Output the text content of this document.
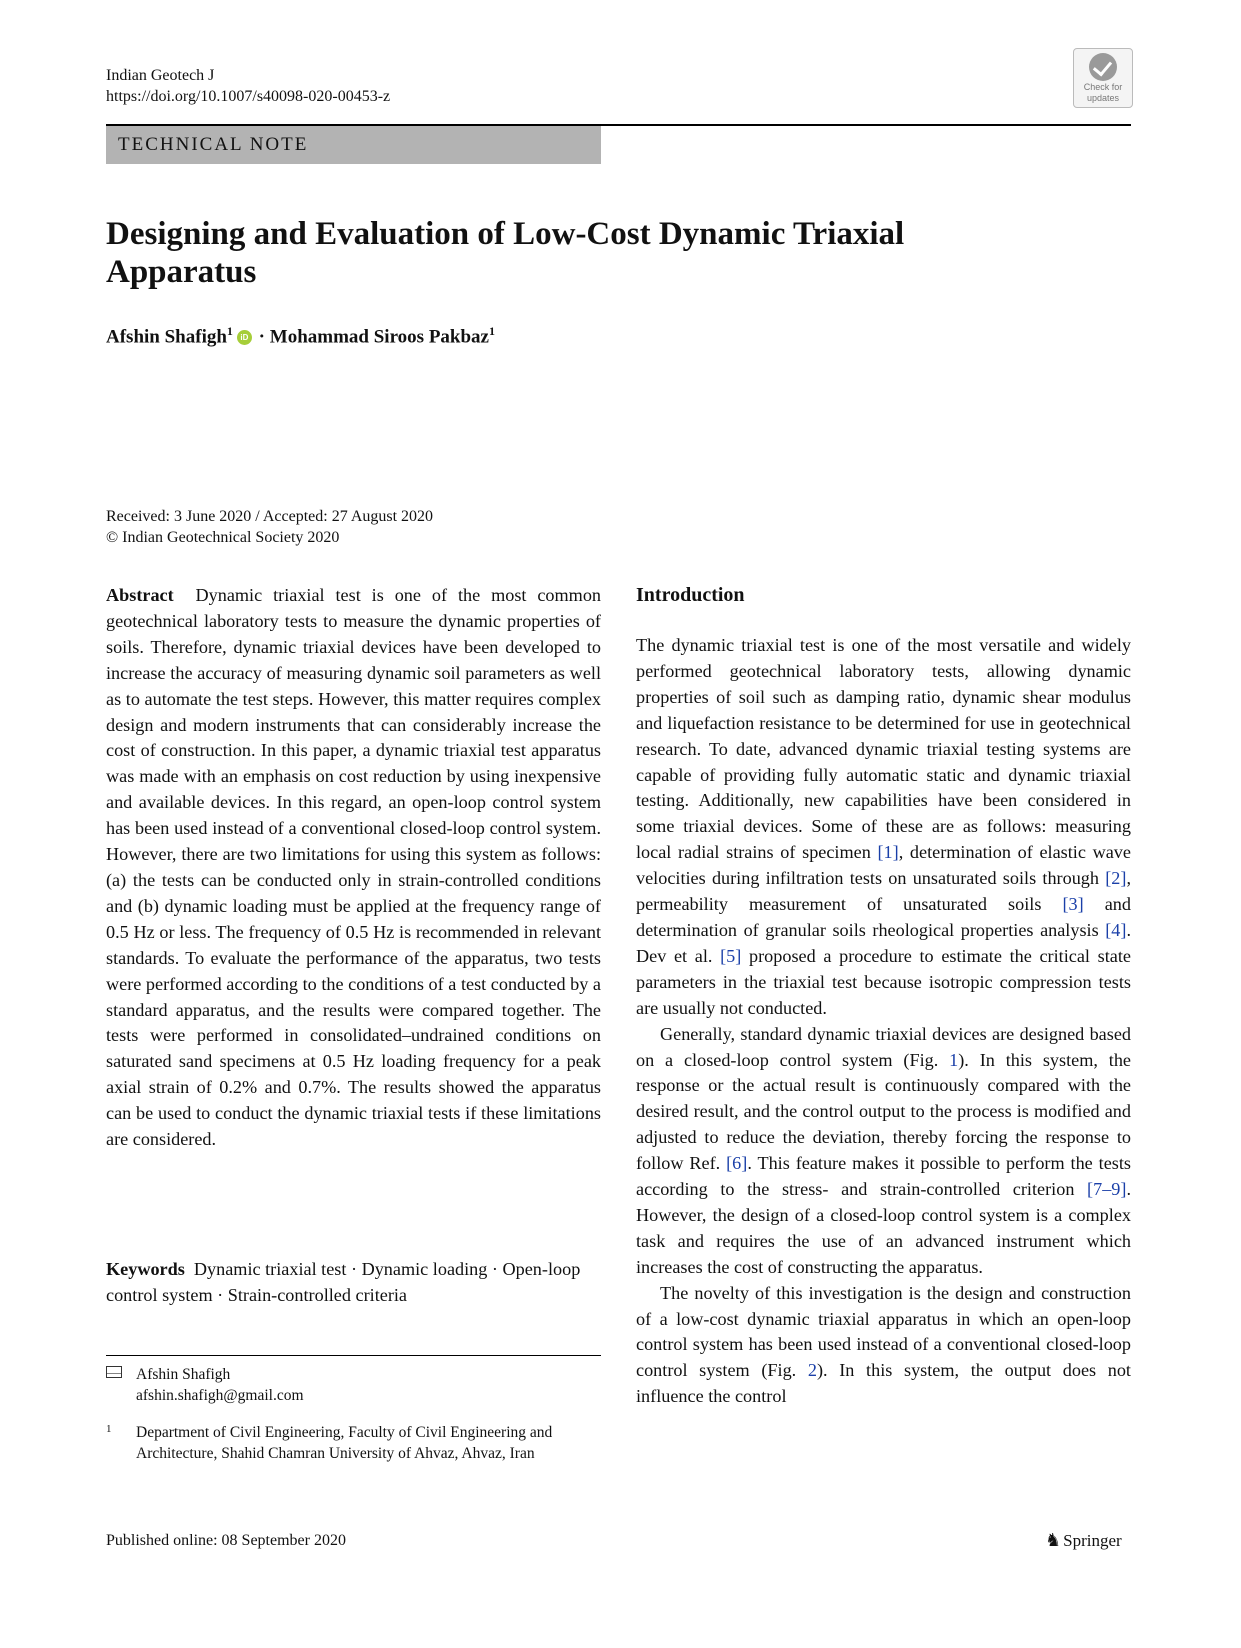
Indian Geotech J
https://doi.org/10.1007/s40098-020-00453-z
Check for
updates
TECHNICAL NOTE
Designing and Evaluation of Low-Cost Dynamic Triaxial Apparatus
Afshin Shafigh$^1$ iD · Mohammad Siroos Pakbaz$^1$
Received: 3 June 2020 / Accepted: 27 August 2020
© Indian Geotechnical Society 2020

Abstract Dynamic triaxial test is one of the most common geotechnical laboratory tests to measure the dynamic properties of soils. Therefore, dynamic triaxial devices have been developed to increase the accuracy of measuring dynamic soil parameters as well as to automate the test steps. However, this matter requires complex design and modern instruments that can considerably increase the cost of construction. In this paper, a dynamic triaxial test apparatus was made with an emphasis on cost reduction by using inexpensive and available devices. In this regard, an open-loop control system has been used instead of a conventional closed-loop control system. However, there are two limitations for using this system as follows: (a) the tests can be conducted only in strain-controlled conditions and (b) dynamic loading must be applied at the frequency range of 0.5 Hz or less. The frequency of 0.5 Hz is recommended in relevant standards. To evaluate the performance of the apparatus, two tests were performed according to the conditions of a test conducted by a standard apparatus, and the results were compared together. The tests were performed in consolidated–undrained conditions on saturated sand specimens at 0.5 Hz loading frequency for a peak axial strain of 0.2% and 0.7%. The results showed the apparatus can be used to conduct the dynamic triaxial tests if these limitations are considered.

Keywords Dynamic triaxial test · Dynamic loading · Open-loop control system · Strain-controlled criteria
Afshin Shafigh
afshin.shafigh@gmail.com
1 Department of Civil Engineering, Faculty of Civil Engineering and Architecture, Shahid Chamran University of Ahvaz, Ahvaz, Iran

Introduction

The dynamic triaxial test is one of the most versatile and widely performed geotechnical laboratory tests, allowing dynamic properties of soil such as damping ratio, dynamic shear modulus and liquefaction resistance to be determined for use in geotechnical research. To date, advanced dynamic triaxial testing systems are capable of providing fully automatic static and dynamic triaxial testing. Additionally, new capabilities have been considered in some triaxial devices. Some of these are as follows: measuring local radial strains of specimen [1], determination of elastic wave velocities during infiltration tests on unsaturated soils through [2], permeability measurement of unsaturated soils [3] and determination of granular soils rheological properties analysis [4]. Dev et al. [5] proposed a procedure to estimate the critical state parameters in the triaxial test because isotropic compression tests are usually not conducted.

Generally, standard dynamic triaxial devices are designed based on a closed-loop control system (Fig. 1). In this system, the response or the actual result is continuously compared with the desired result, and the control output to the process is modified and adjusted to reduce the deviation, thereby forcing the response to follow Ref. [6]. This feature makes it possible to perform the tests according to the stress- and strain-controlled criterion [7–9]. However, the design of a closed-loop control system is a complex task and requires the use of an advanced instrument which increases the cost of constructing the apparatus.

The novelty of this investigation is the design and construction of a low-cost dynamic triaxial apparatus in which an open-loop control system has been used instead of a conventional closed-loop control system (Fig. 2). In this system, the output does not influence the control

Published online: 08 September 2020	♞ Springer
